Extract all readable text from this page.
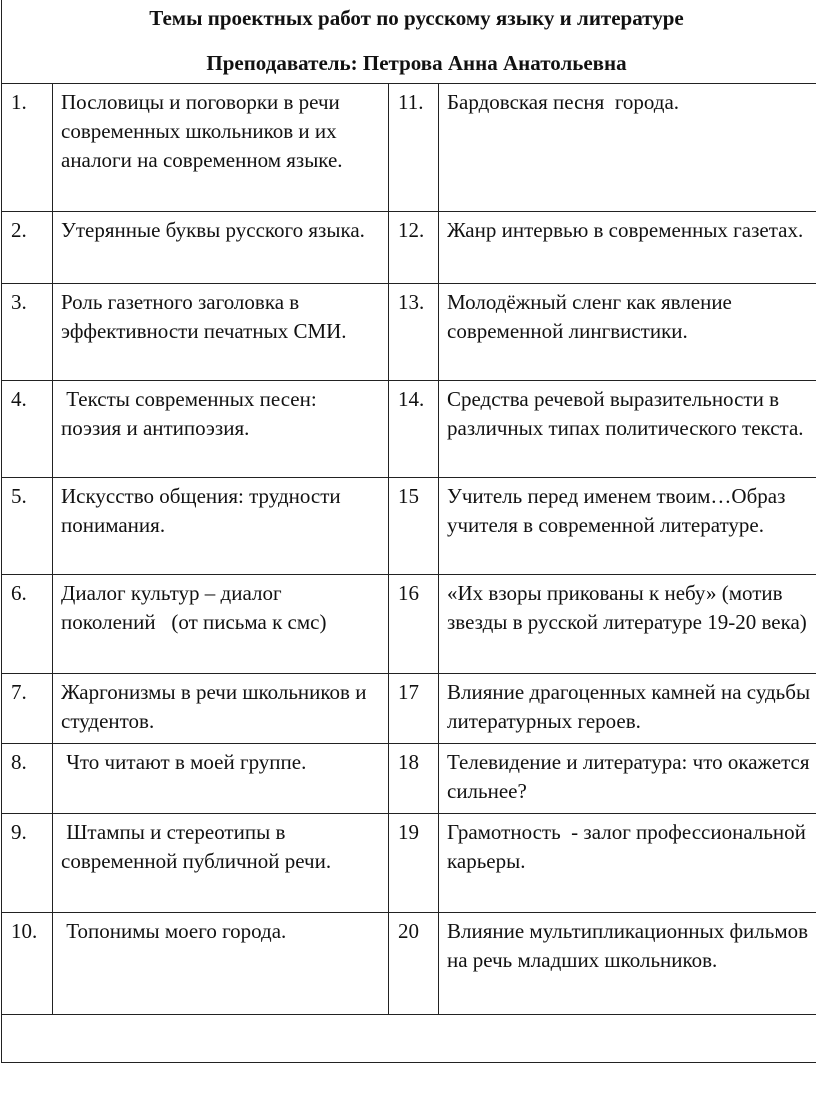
Темы проектных работ по русскому языку и литературе
Преподаватель: Петрова Анна Анатольевна			

1.	Пословицы и поговорки в речи современных школьников и их аналоги на современном языке.	11.	Бардовская песня  города.
2.	Утерянные буквы русского языка.	12.	Жанр интервью в современных газетах.
3.	Роль газетного заголовка в эффективности печатных СМИ.	13.	Молодёжный сленг как явление современной лингвистики.
4.	Тексты современных песен: поэзия и антипоэзия.	14.	Средства речевой выразительности в различных типах политического текста.
5.	Искусство общения: трудности понимания.	15	Учитель перед именем твоим…Образ учителя в современной литературе.
6.	Диалог культур – диалог поколений   (от письма к смс)	16	«Их взоры прикованы к небу» (мотив звезды в русской литературе 19-20 века)
7.	Жаргонизмы в речи школьников и студентов.	17	Влияние драгоценных камней на судьбы литературных героев.
8.	Что читают в моей группе.	18	Телевидение и литература: что окажется сильнее?
9.	Штампы и стереотипы в современной публичной речи.	19	Грамотность  - залог профессиональной карьеры.
10.	Топонимы моего города.	20	Влияние мультипликационных фильмов на речь младших школьников.
